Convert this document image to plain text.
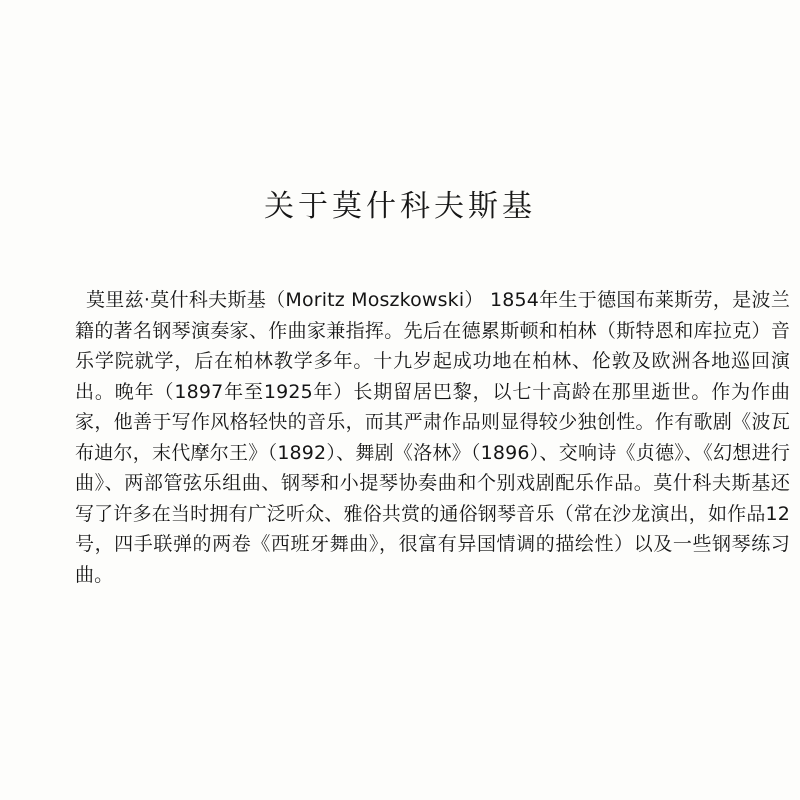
关于莫什科夫斯基

莫里兹·莫什科夫斯基（Moritz Moszkowski） 1854年生于德国布莱斯劳，是波兰籍的著名钢琴演奏家、作曲家兼指挥。先后在德累斯顿和柏林（斯特恩和库拉克）音乐学院就学，后在柏林教学多年。十九岁起成功地在柏林、伦敦及欧洲各地巡回演出。晚年（1897年至1925年）长期留居巴黎，以七十高龄在那里逝世。作为作曲家，他善于写作风格轻快的音乐，而其严肃作品则显得较少独创性。作有歌剧《波瓦布迪尔，末代摩尔王》（1892）、舞剧《洛林》（1896）、交响诗《贞德》、《幻想进行曲》、两部管弦乐组曲、钢琴和小提琴协奏曲和个别戏剧配乐作品。莫什科夫斯基还写了许多在当时拥有广泛听众、雅俗共赏的通俗钢琴音乐（常在沙龙演出，如作品12号，四手联弹的两卷《西班牙舞曲》，很富有异国情调的描绘性）以及一些钢琴练习曲。
